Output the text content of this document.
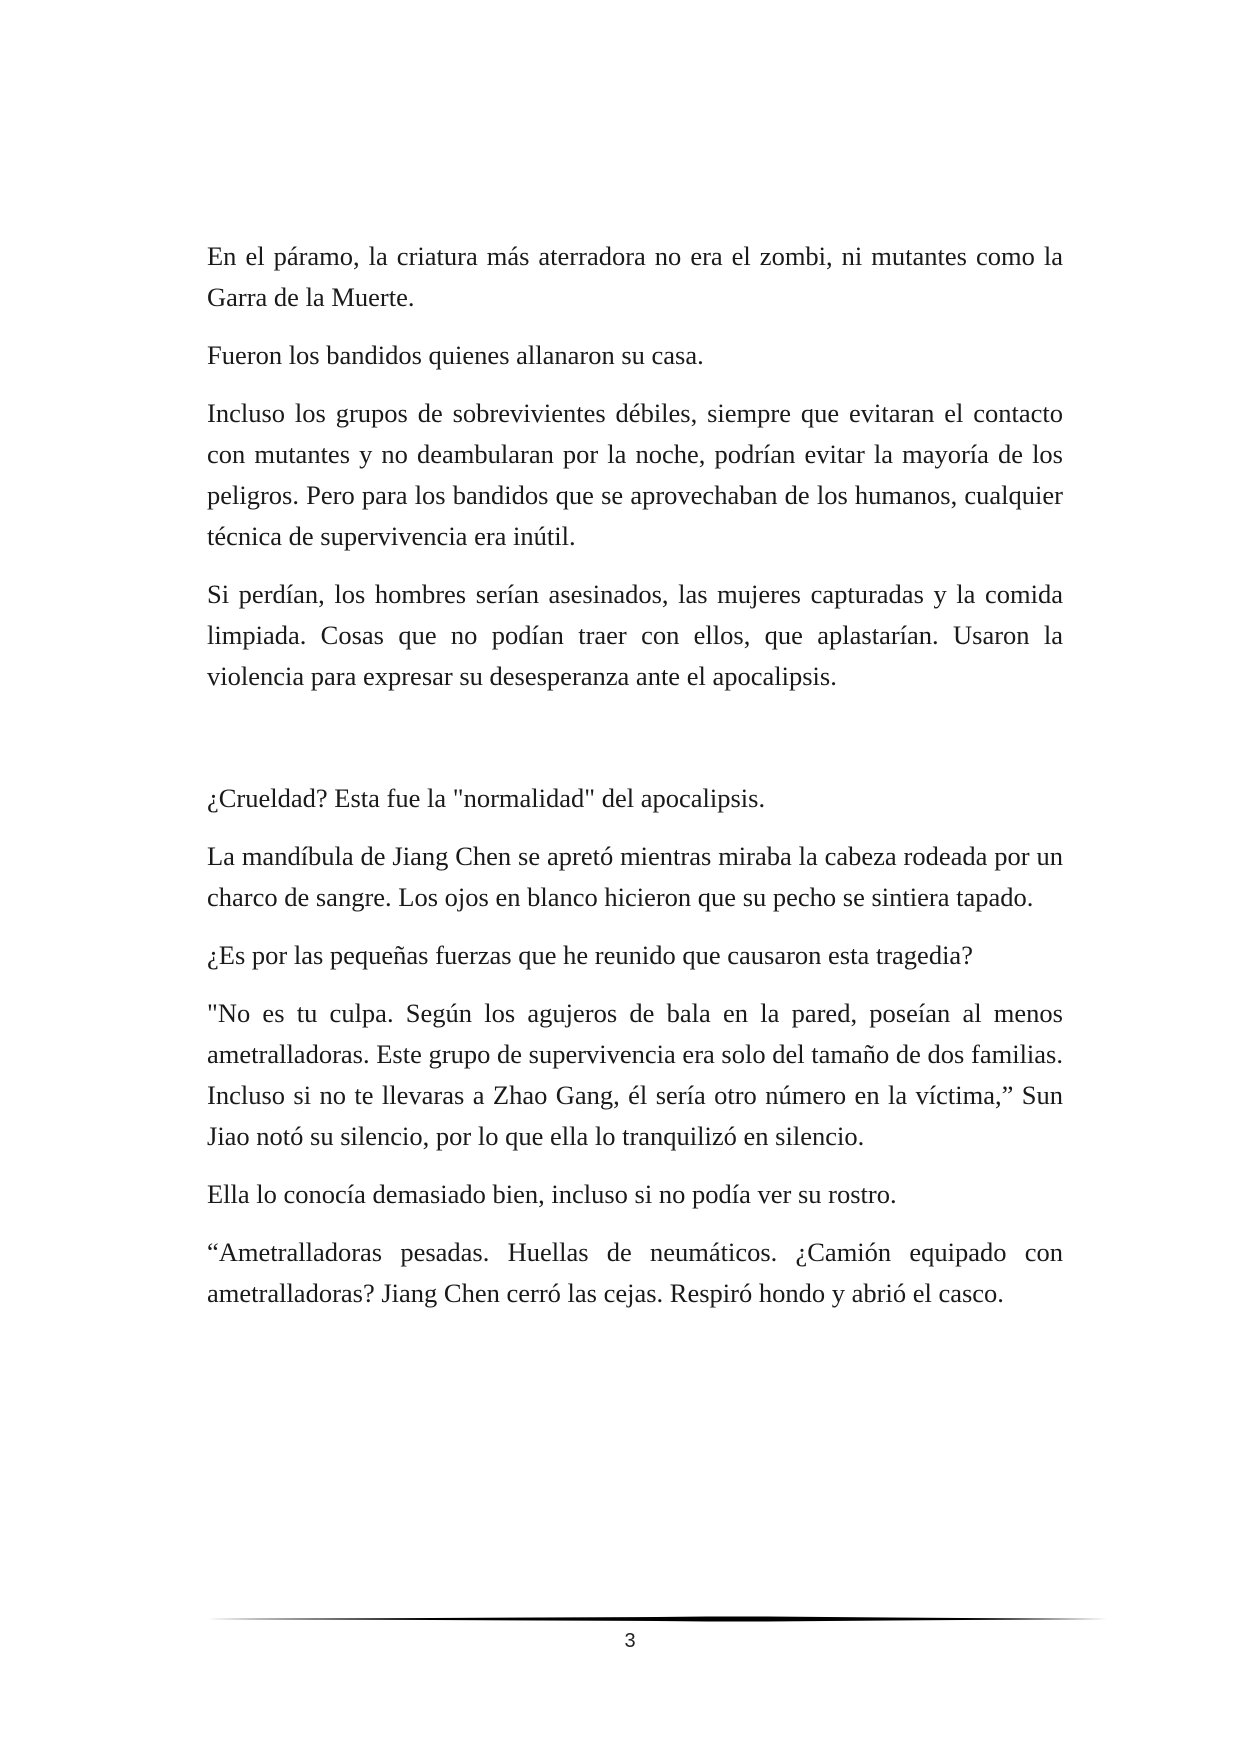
En el páramo, la criatura más aterradora no era el zombi, ni mutantes como la Garra de la Muerte.

Fueron los bandidos quienes allanaron su casa.

Incluso los grupos de sobrevivientes débiles, siempre que evitaran el contacto con mutantes y no deambularan por la noche, podrían evitar la mayoría de los peligros. Pero para los bandidos que se aprovechaban de los humanos, cualquier técnica de supervivencia era inútil.

Si perdían, los hombres serían asesinados, las mujeres capturadas y la comida limpiada. Cosas que no podían traer con ellos, que aplastarían. Usaron la violencia para expresar su desesperanza ante el apocalipsis.

¿Crueldad? Esta fue la "normalidad" del apocalipsis.

La mandíbula de Jiang Chen se apretó mientras miraba la cabeza rodeada por un charco de sangre. Los ojos en blanco hicieron que su pecho se sintiera tapado.

¿Es por las pequeñas fuerzas que he reunido que causaron esta tragedia?

"No es tu culpa. Según los agujeros de bala en la pared, poseían al menos ametralladoras. Este grupo de supervivencia era solo del tamaño de dos familias. Incluso si no te llevaras a Zhao Gang, él sería otro número en la víctima,” Sun Jiao notó su silencio, por lo que ella lo tranquilizó en silencio.

Ella lo conocía demasiado bien, incluso si no podía ver su rostro.

“Ametralladoras pesadas. Huellas de neumáticos. ¿Camión equipado con ametralladoras? Jiang Chen cerró las cejas. Respiró hondo y abrió el casco.

3
